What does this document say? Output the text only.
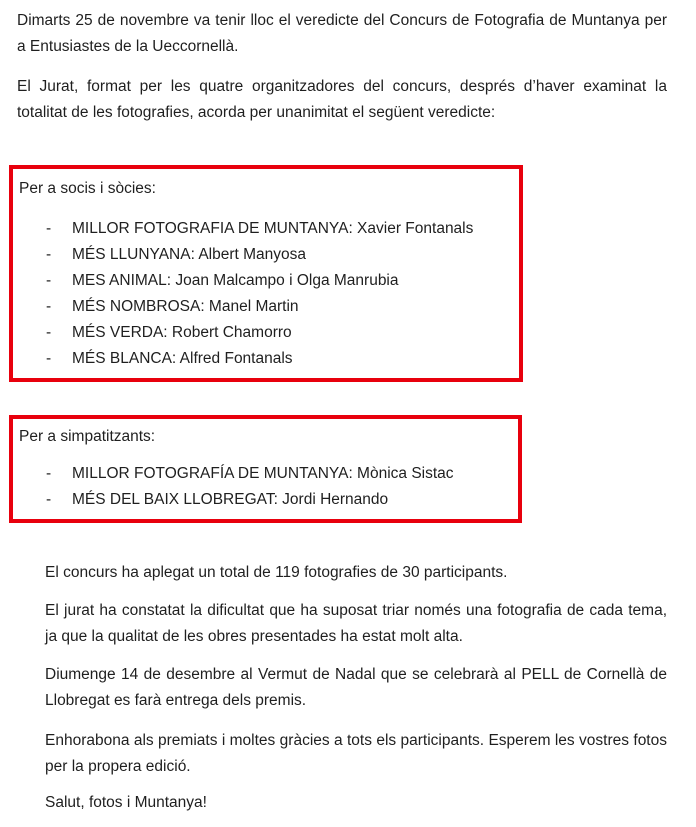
Dimarts 25 de novembre va tenir lloc el veredicte del Concurs de Fotografia de Muntanya per a Entusiastes de la Ueccornellà.

El Jurat, format per les quatre organitzadores del concurs, després d’haver examinat la totalitat de les fotografies, acorda per unanimitat el següent veredicte:

Per a socis i sòcies:

- MILLOR FOTOGRAFIA DE MUNTANYA: Xavier Fontanals
- MÉS LLUNYANA: Albert Manyosa
- MES ANIMAL: Joan Malcampo i Olga Manrubia
- MÉS NOMBROSA: Manel Martin
- MÉS VERDA: Robert Chamorro
- MÉS BLANCA: Alfred Fontanals

Per a simpatitzants:

- MILLOR FOTOGRAFÍA DE MUNTANYA: Mònica Sistac
- MÉS DEL BAIX LLOBREGAT: Jordi Hernando

El concurs ha aplegat un total de 119 fotografies de 30 participants.

El jurat ha constatat la dificultat que ha suposat triar només una fotografia de cada tema, ja que la qualitat de les obres presentades ha estat molt alta.

Diumenge 14 de desembre al Vermut de Nadal que se celebrarà al PELL de Cornellà de Llobregat es farà entrega dels premis.

Enhorabona als premiats i moltes gràcies a tots els participants. Esperem les vostres fotos per la propera edició.

Salut, fotos i Muntanya!
